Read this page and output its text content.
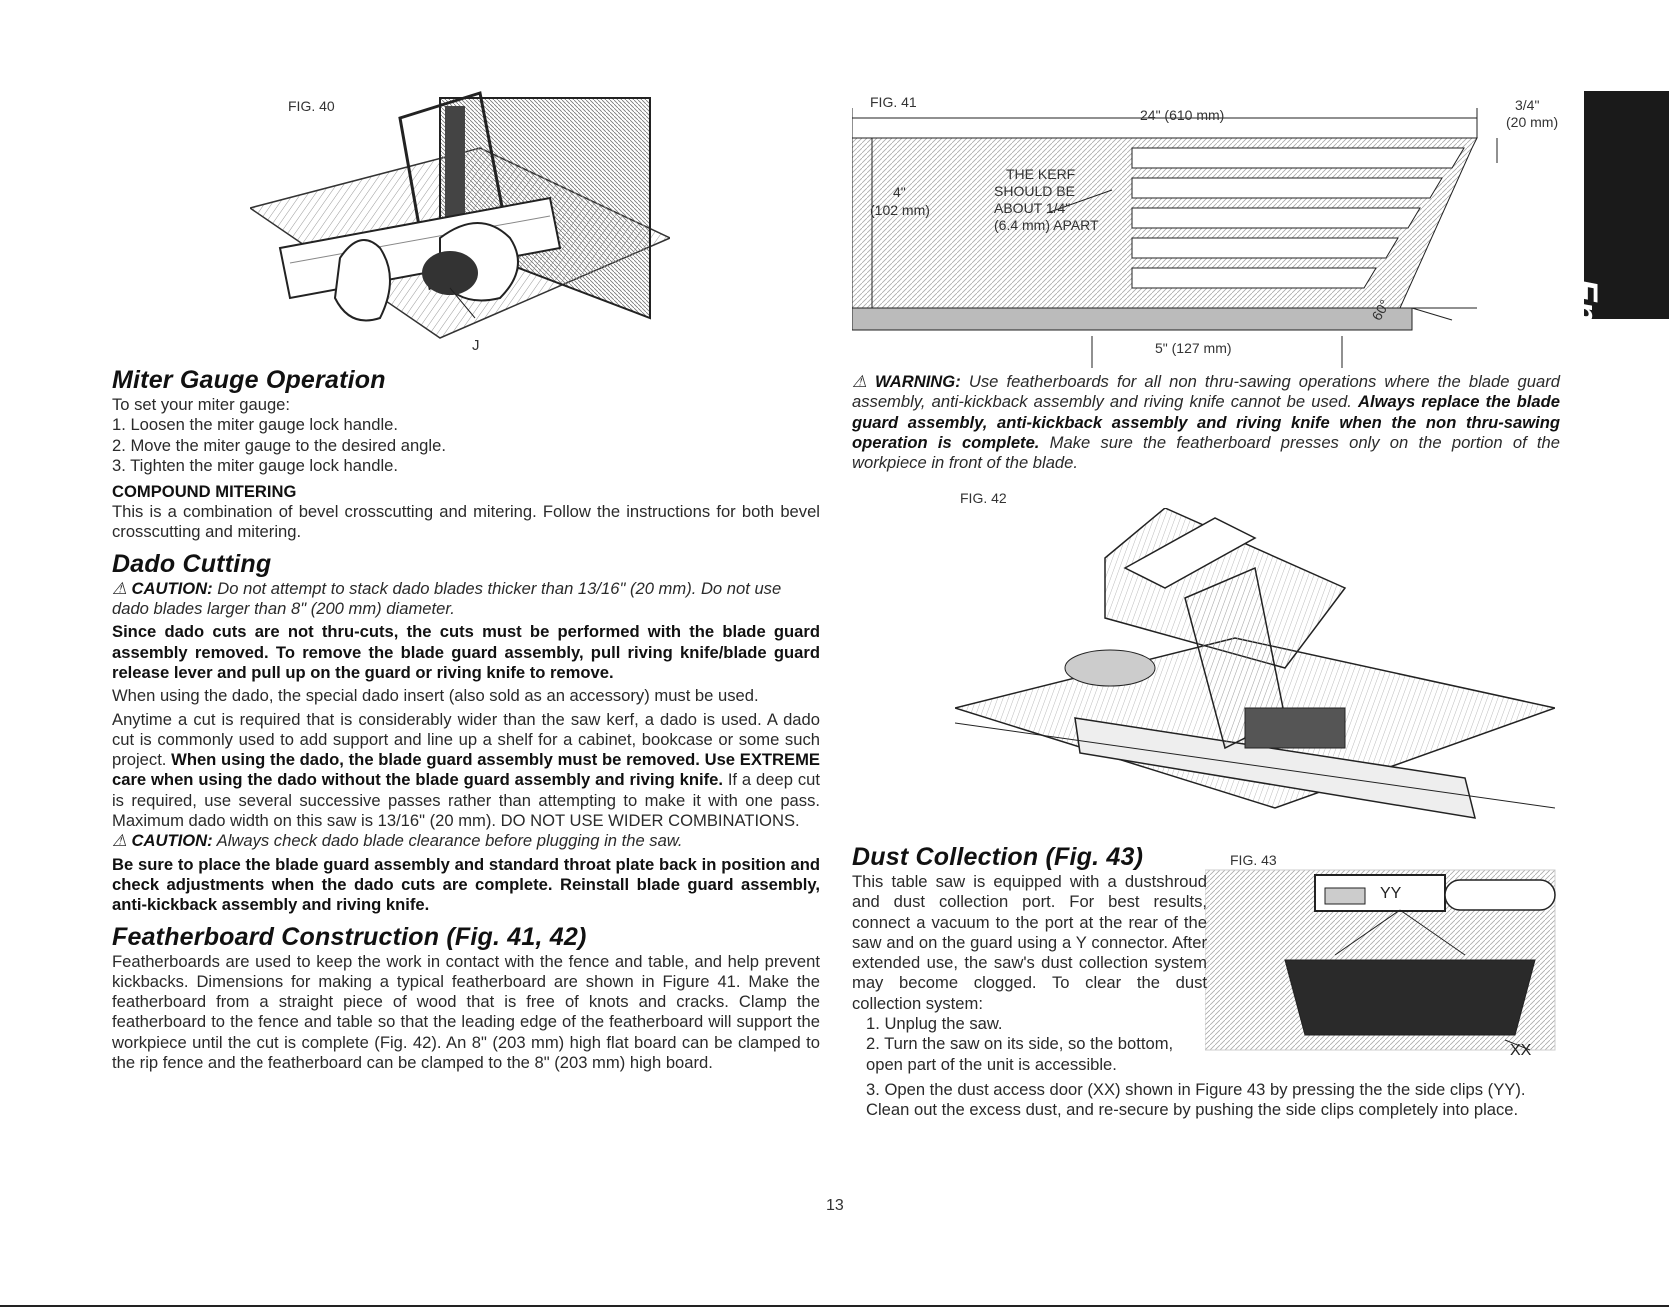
English
FIG. 40
J
FIG. 41
24" (610 mm)
3/4"
(20 mm)
4"
(102 mm)
THE KERF
SHOULD BE
ABOUT 1/4"
(6.4 mm) APART
60°
5" (127 mm)
FIG. 42
FIG. 43
YY
XX
Miter Gauge Operation

To set your miter gauge:

1. Loosen the miter gauge lock handle.

2. Move the miter gauge to the desired angle.

3. Tighten the miter gauge lock handle.

COMPOUND MITERING

This is a combination of bevel crosscutting and mitering. Follow the instructions for both bevel crosscutting and mitering.

Dado Cutting

⚠ CAUTION: Do not attempt to stack dado blades thicker than 13/16" (20 mm). Do not use dado blades larger than 8" (200 mm) diameter.

Since dado cuts are not thru-cuts, the cuts must be performed with the blade guard assembly removed. To remove the blade guard assembly, pull riving knife/blade guard release lever and pull up on the guard or riving knife to remove.

When using the dado, the special dado insert (also sold as an accessory) must be used.

Anytime a cut is required that is considerably wider than the saw kerf, a dado is used. A dado cut is commonly used to add support and line up a shelf for a cabinet, bookcase or some such project. When using the dado, the blade guard assembly must be removed. Use EXTREME care when using the dado without the blade guard assembly and riving knife. If a deep cut is required, use several successive passes rather than attempting to make it with one pass. Maximum dado width on this saw is 13/16" (20 mm). DO NOT USE WIDER COMBINATIONS.

⚠ CAUTION: Always check dado blade clearance before plugging in the saw.

Be sure to place the blade guard assembly and standard throat plate back in position and check adjustments when the dado cuts are complete. Reinstall blade guard assembly, anti-kickback assembly and riving knife.

Featherboard Construction (Fig. 41, 42)

Featherboards are used to keep the work in contact with the fence and table, and help prevent kickbacks. Dimensions for making a typical featherboard are shown in Figure 41. Make the featherboard from a straight piece of wood that is free of knots and cracks. Clamp the featherboard to the fence and table so that the leading edge of the featherboard will support the workpiece until the cut is complete (Fig. 42). An 8" (203 mm) high flat board can be clamped to the rip fence and the featherboard can be clamped to the 8" (203 mm) high board.

⚠ WARNING: Use featherboards for all non thru-sawing operations where the blade guard assembly, anti-kickback assembly and riving knife cannot be used. Always replace the blade guard assembly, anti-kickback assembly and riving knife when the non thru-sawing operation is complete. Make sure the featherboard presses only on the portion of the workpiece in front of the blade.

Dust Collection (Fig. 43)

This table saw is equipped with a dustshroud and dust collection port. For best results, connect a vacuum to the port at the rear of the saw and on the guard using a Y connector. After extended use, the saw's dust collection system may become clogged. To clear the dust collection system:

1. Unplug the saw.

2. Turn the saw on its side, so the bottom, open part of the unit is accessible.

3. Open the dust access door (XX) shown in Figure 43 by pressing the the side clips (YY). Clean out the excess dust, and re-secure by pushing the side clips completely into place.

13
